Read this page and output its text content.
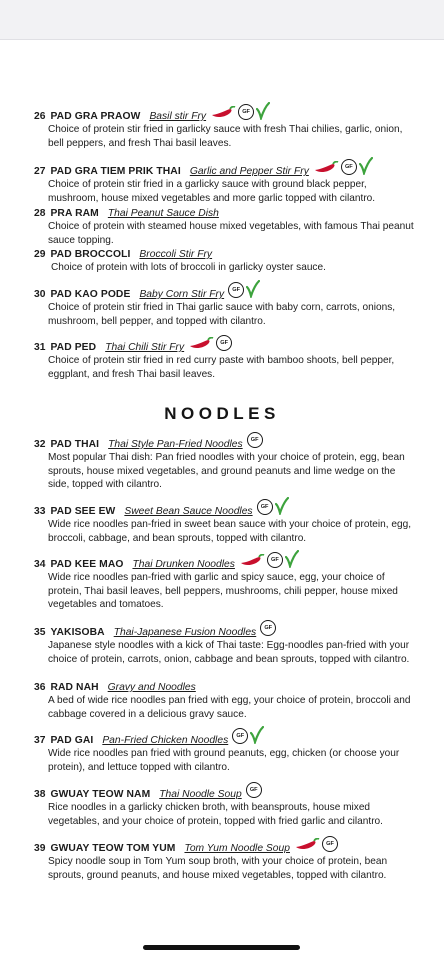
26 PAD GRA PRAOW Basil stir Fry	GF
Choice of protein stir fried in garlicky sauce with fresh Thai chilies, garlic, onion, bell peppers, and fresh Thai basil leaves.
27 PAD GRA TIEM PRIK THAI Garlic and Pepper Stir Fry	GF
Choice of protein stir fried in a garlicky sauce with ground black pepper, mushroom, house mixed vegetables and more garlic topped with cilantro.
28 PRA RAM Thai Peanut Sauce Dish
Choice of protein with steamed house mixed vegetables, with famous Thai peanut sauce topping.
29 PAD BROCCOLI Broccoli Stir Fry
Choice of protein with lots of broccoli in garlicky oyster sauce.
30 PAD KAO PODE Baby Corn Stir Fry	GF
Choice of protein stir fried in Thai garlic sauce with baby corn, carrots, onions, mushroom, bell pepper, and topped with cilantro.
31 PAD PED Thai Chili Stir Fry	GF
Choice of protein stir fried in red curry paste with bamboo shoots, bell pepper, eggplant, and fresh Thai basil leaves.
NOODLES
32 PAD THAI Thai Style Pan-Fried Noodles	GF
Most popular Thai dish: Pan fried noodles with your choice of protein, egg, bean sprouts, house mixed vegetables, and ground peanuts and lime wedge on the side, topped with cilantro.
33 PAD SEE EW Sweet Bean Sauce Noodles	GF
Wide rice noodles pan-fried in sweet bean sauce with your choice of protein, egg, broccoli, cabbage, and bean sprouts, topped with cilantro.
34 PAD KEE MAO Thai Drunken Noodles	GF
Wide rice noodles pan-fried with garlic and spicy sauce, egg, your choice of protein, Thai basil leaves, bell peppers, mushrooms, chili pepper, house mixed vegetables and tomatoes.
35 YAKISOBA Thai-Japanese Fusion Noodles	GF
Japanese style noodles with a kick of Thai taste: Egg-noodles pan-fried with your choice of protein, carrots, onion, cabbage and bean sprouts, topped with cilantro.
36 RAD NAH Gravy and Noodles
A bed of wide rice noodles pan fried with egg, your choice of protein, broccoli and cabbage covered in a delicious gravy sauce.
37 PAD GAI Pan-Fried Chicken Noodles	GF
Wide rice noodles pan fried with ground peanuts, egg, chicken (or choose your protein), and lettuce topped with cilantro.
38 GWUAY TEOW NAM Thai Noodle Soup	GF
Rice noodles in a garlicky chicken broth, with beansprouts, house mixed vegetables, and your choice of protein, topped with fried garlic and cilantro.
39 GWUAY TEOW TOM YUM Tom Yum Noodle Soup	GF
Spicy noodle soup in Tom Yum soup broth, with your choice of protein, bean sprouts, ground peanuts, and house mixed vegetables, topped with cilantro.
